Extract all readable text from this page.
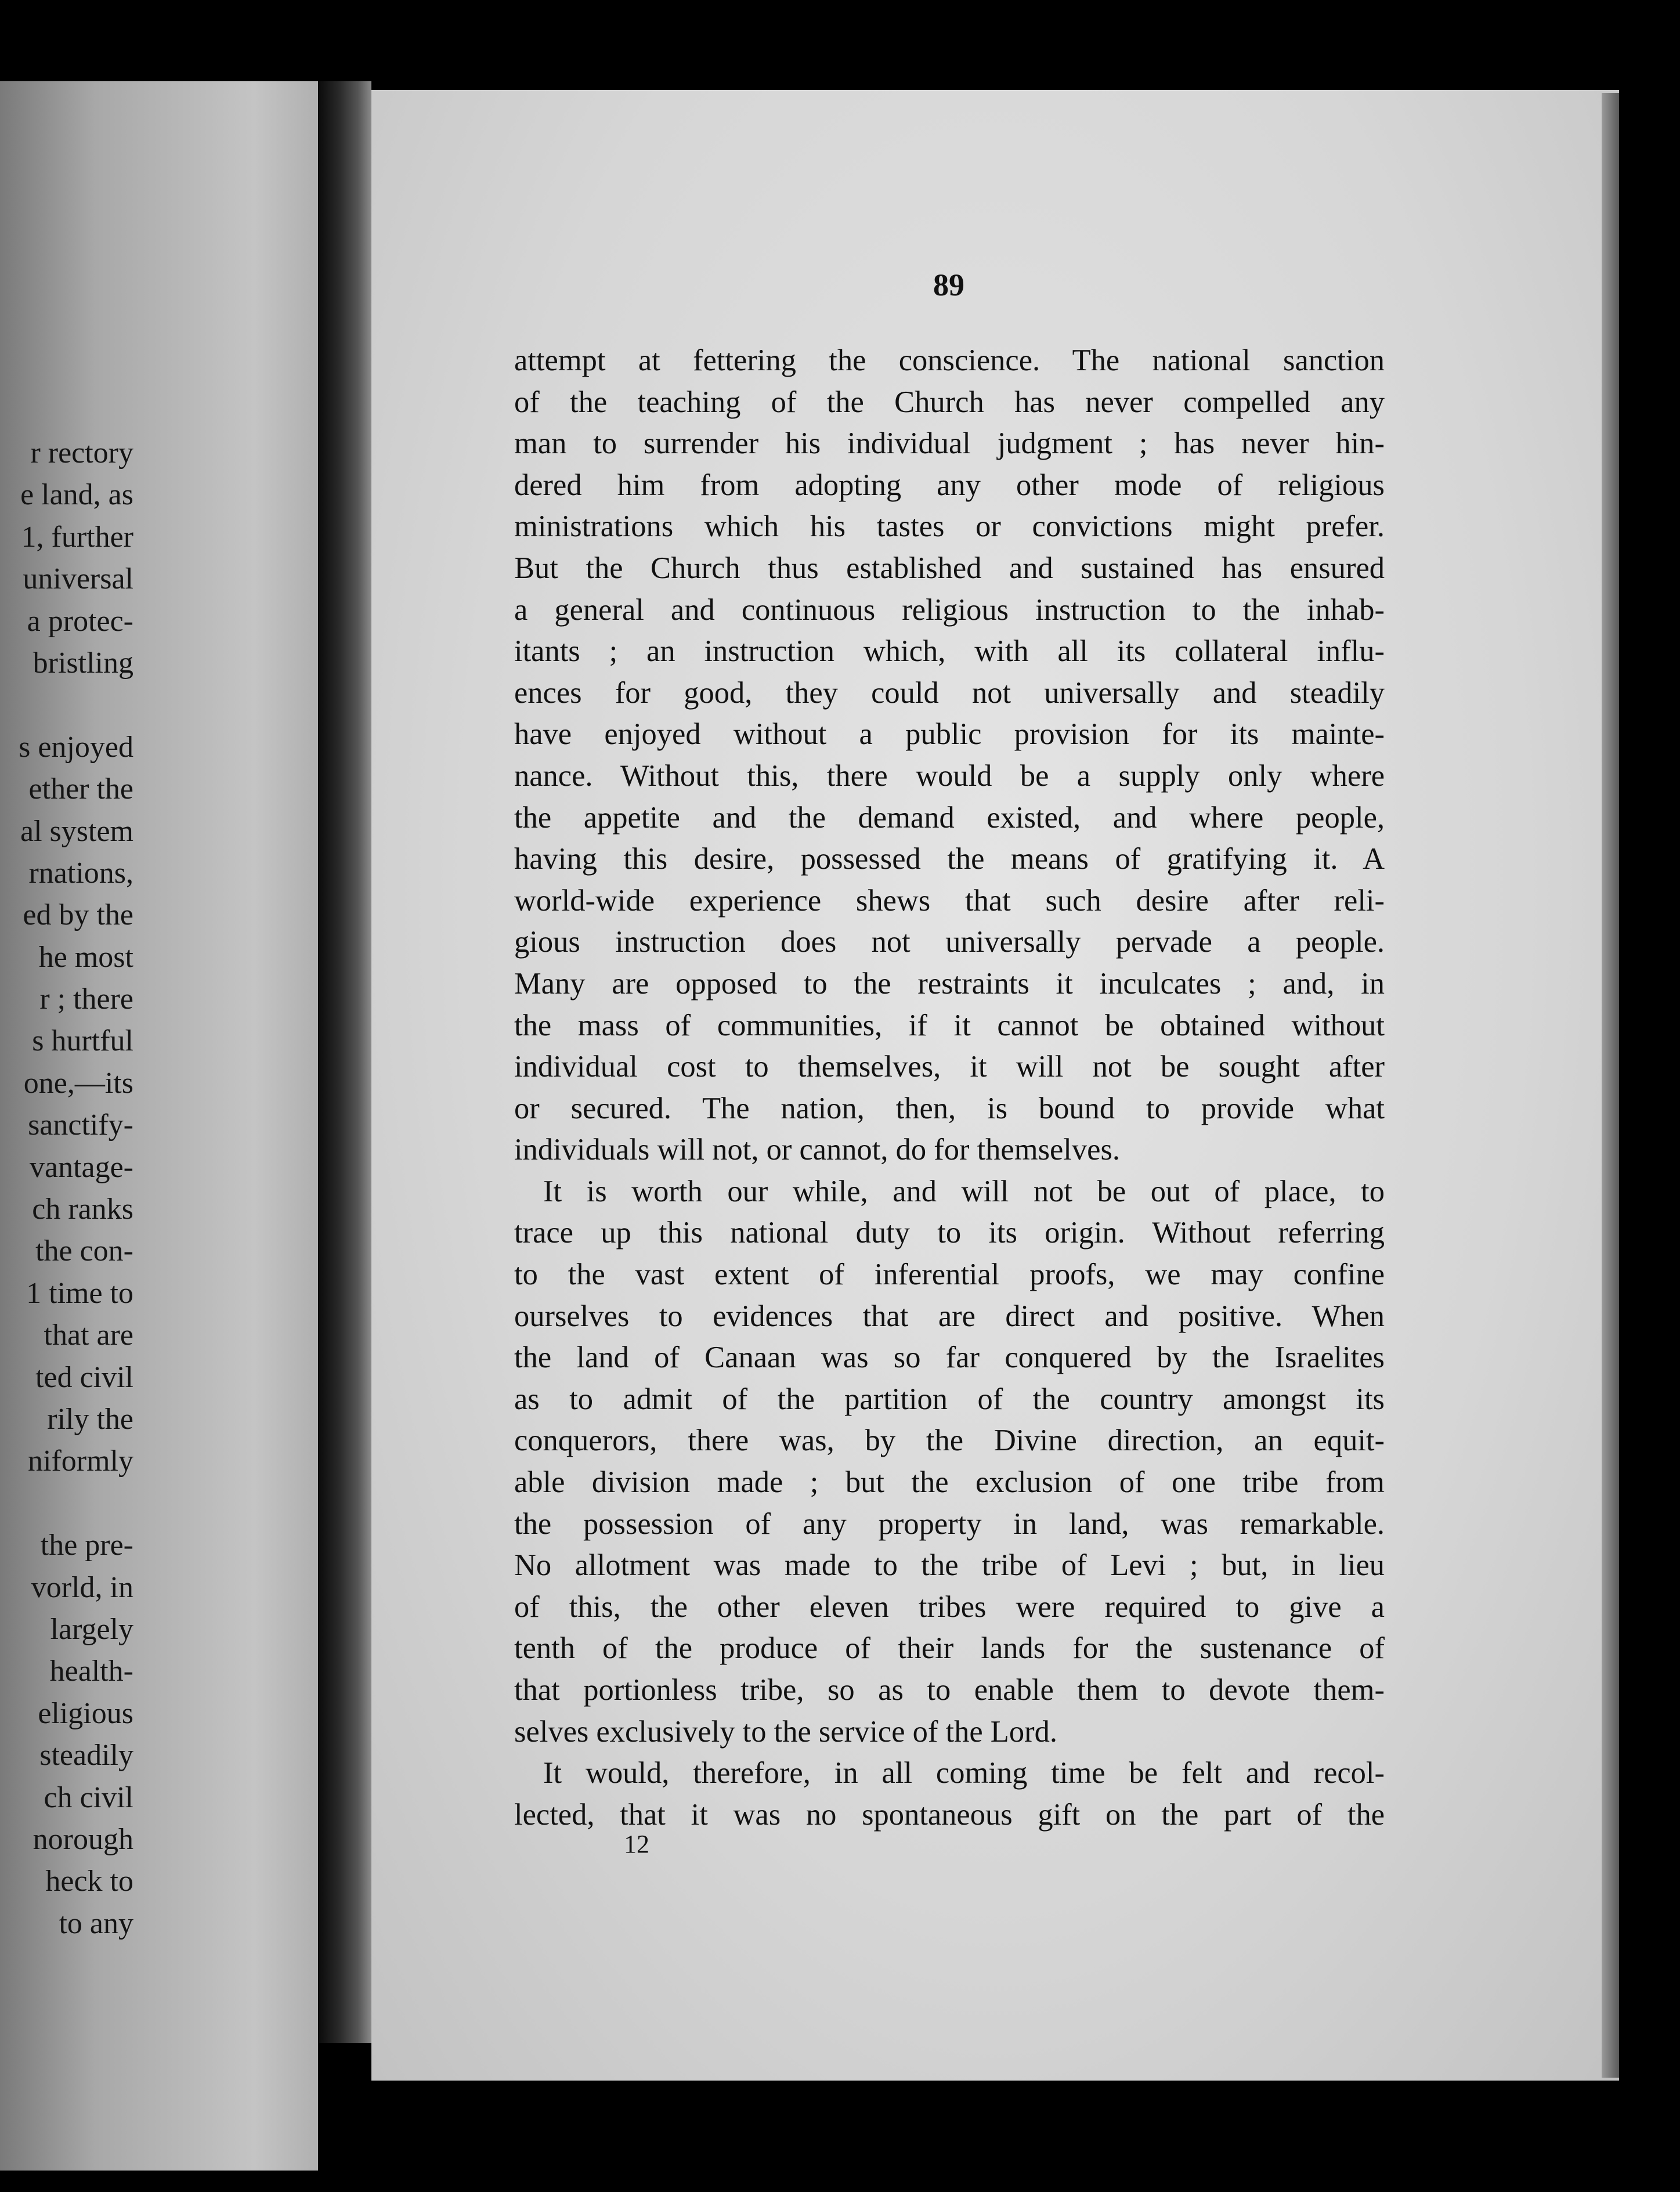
r rectory
e land, as
1, further
universal
a protec-
bristling
s enjoyed
ether the
al system
rnations,
ed by the
he most
r ; there
s hurtful
one,—its
sanctify-
vantage-
ch ranks
the con-
1 time to
that are
ted civil
rily the
niformly
the pre-
vorld, in
largely
health-
eligious
steadily
ch civil
norough
heck to
to any
89
attempt at fettering the conscience. The national sanction
of the teaching of the Church has never compelled any
man to surrender his individual judgment ; has never hin-
dered him from adopting any other mode of religious
ministrations which his tastes or convictions might prefer.
But the Church thus established and sustained has ensured
a general and continuous religious instruction to the inhab-
itants ; an instruction which, with all its collateral influ-
ences for good, they could not universally and steadily
have enjoyed without a public provision for its mainte-
nance. Without this, there would be a supply only where
the appetite and the demand existed, and where people,
having this desire, possessed the means of gratifying it. A
world-wide experience shews that such desire after reli-
gious instruction does not universally pervade a people.
Many are opposed to the restraints it inculcates ; and, in
the mass of communities, if it cannot be obtained without
individual cost to themselves, it will not be sought after
or secured. The nation, then, is bound to provide what
individuals will not, or cannot, do for themselves.
It is worth our while, and will not be out of place, to
trace up this national duty to its origin. Without referring
to the vast extent of inferential proofs, we may confine
ourselves to evidences that are direct and positive. When
the land of Canaan was so far conquered by the Israelites
as to admit of the partition of the country amongst its
conquerors, there was, by the Divine direction, an equit-
able division made ; but the exclusion of one tribe from
the possession of any property in land, was remarkable.
No allotment was made to the tribe of Levi ; but, in lieu
of this, the other eleven tribes were required to give a
tenth of the produce of their lands for the sustenance of
that portionless tribe, so as to enable them to devote them-
selves exclusively to the service of the Lord.
It would, therefore, in all coming time be felt and recol-
lected, that it was no spontaneous gift on the part of the
12
